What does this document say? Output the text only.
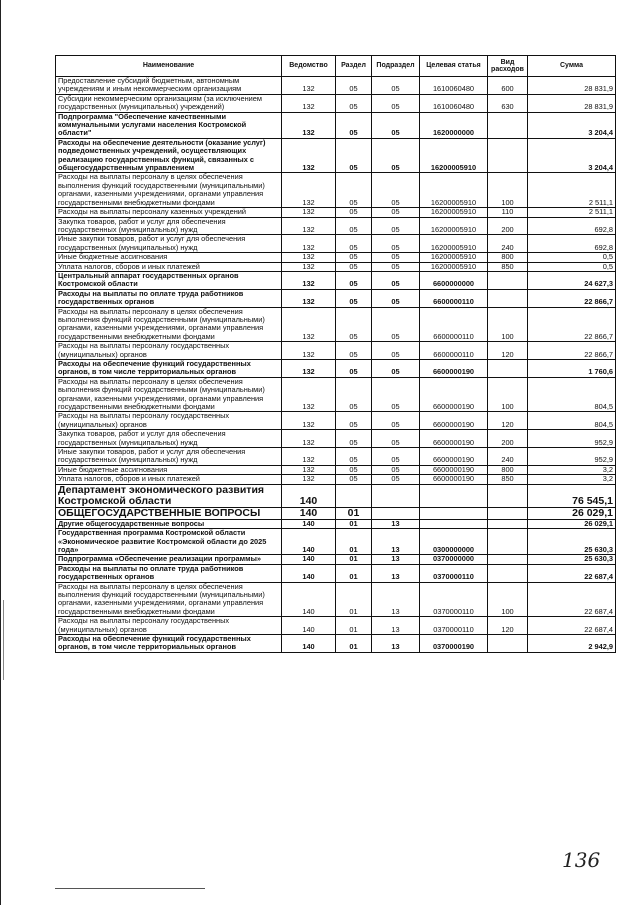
Наименование	Ведомство	Раздел	Подраздел	Целевая статья	Вид расходов	Сумма
Предоставление субсидий бюджетным, автономным учреждениям и иным некоммерческим организациям	132	05	05	1610060480	600	28 831,9
Субсидии некоммерческим организациям (за исключением государственных (муниципальных) учреждений)	132	05	05	1610060480	630	28 831,9
Подпрограмма "Обеспечение качественными коммунальными услугами населения Костромской области"	132	05	05	1620000000		3 204,4
Расходы на обеспечение деятельности (оказание услуг) подведомственных учреждений, осуществляющих реализацию государственных функций, связанных с общегосударственным управлением	132	05	05	16200005910		3 204,4
Расходы на выплаты персоналу в целях обеспечения выполнения функций государственными (муниципальными) органами, казенными учреждениями, органами управления государственными внебюджетными фондами	132	05	05	16200005910	100	2 511,1
Расходы на выплаты персоналу казенных учреждений	132	05	05	16200005910	110	2 511,1
Закупка товаров, работ и услуг для обеспечения государственных (муниципальных) нужд	132	05	05	16200005910	200	692,8
Иные закупки товаров, работ и услуг для обеспечения государственных (муниципальных) нужд	132	05	05	16200005910	240	692,8
Иные бюджетные ассигнования	132	05	05	16200005910	800	0,5
Уплата налогов, сборов и иных платежей	132	05	05	16200005910	850	0,5
Центральный аппарат государственных органов Костромской области	132	05	05	6600000000		24 627,3
Расходы на выплаты по оплате труда работников государственных органов	132	05	05	6600000110		22 866,7
Расходы на выплаты персоналу в целях обеспечения выполнения функций государственными (муниципальными) органами, казенными учреждениями, органами управления государственными внебюджетными фондами	132	05	05	6600000110	100	22 866,7
Расходы на выплаты персоналу государственных (муниципальных) органов	132	05	05	6600000110	120	22 866,7
Расходы на обеспечение функций государственных органов, в том числе территориальных органов	132	05	05	6600000190		1 760,6
Расходы на выплаты персоналу в целях обеспечения выполнения функций государственными (муниципальными) органами, казенными учреждениями, органами управления государственными внебюджетными фондами	132	05	05	6600000190	100	804,5
Расходы на выплаты персоналу государственных (муниципальных) органов	132	05	05	6600000190	120	804,5
Закупка товаров, работ и услуг для обеспечения государственных (муниципальных) нужд	132	05	05	6600000190	200	952,9
Иные закупки товаров, работ и услуг для обеспечения государственных (муниципальных) нужд	132	05	05	6600000190	240	952,9
Иные бюджетные ассигнования	132	05	05	6600000190	800	3,2
Уплата налогов, сборов и иных платежей	132	05	05	6600000190	850	3,2
Департамент экономического развития Костромской области	140					76 545,1
ОБЩЕГОСУДАРСТВЕННЫЕ ВОПРОСЫ	140	01				26 029,1
Другие общегосударственные вопросы	140	01	13			26 029,1
Государственная программа Костромской области «Экономическое развитие Костромской области до 2025 года»	140	01	13	0300000000		25 630,3
Подпрограмма «Обеспечение реализации программы»	140	01	13	0370000000		25 630,3
Расходы на выплаты по оплате труда работников государственных органов	140	01	13	0370000110		22 687,4
Расходы на выплаты персоналу в целях обеспечения выполнения функций государственными (муниципальными) органами, казенными учреждениями, органами управления государственными внебюджетными фондами	140	01	13	0370000110	100	22 687,4
Расходы на выплаты персоналу государственных (муниципальных) органов	140	01	13	0370000110	120	22 687,4
Расходы на обеспечение функций государственных органов, в том числе территориальных органов	140	01	13	0370000190		2 942,9
136
